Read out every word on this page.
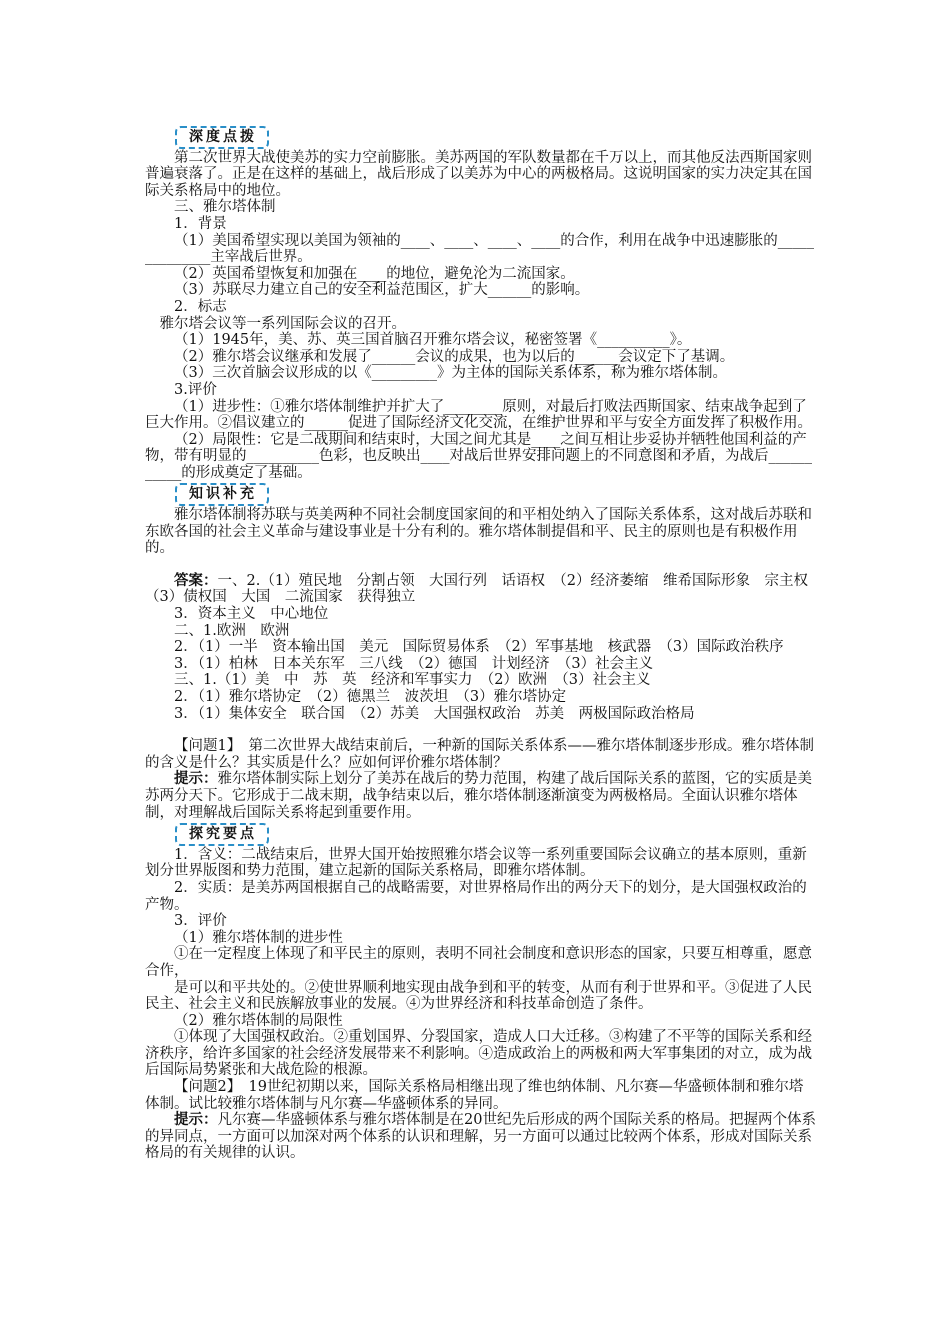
深度点拨

第二次世界大战使美苏的实力空前膨胀。美苏两国的军队数量都在千万以上，而其他反法西斯国家则普遍衰落了。正是在这样的基础上，战后形成了以美苏为中心的两极格局。这说明国家的实力决定其在国际关系格局中的地位。

三、雅尔塔体制

1．背景

（1）美国希望实现以美国为领袖的____、____、____、____的合作，利用在战争中迅速膨胀的______________主宰战后世界。

（2）英国希望恢复和加强在____的地位，避免沦为二流国家。

（3）苏联尽力建立自己的安全利益范围区，扩大______的影响。

2．标志

雅尔塔会议等一系列国际会议的召开。

（1）1945年，美、苏、英三国首脑召开雅尔塔会议，秘密签署《__________》。

（2）雅尔塔会议继承和发展了______会议的成果，也为以后的______会议定下了基调。

（3）三次首脑会议形成的以《_________》为主体的国际关系体系，称为雅尔塔体制。

3.评价

（1）进步性：①雅尔塔体制维护并扩大了________原则，对最后打败法西斯国家、结束战争起到了巨大作用。②倡议建立的______促进了国际经济文化交流，在维护世界和平与安全方面发挥了积极作用。

（2）局限性：它是二战期间和结束时，大国之间尤其是____之间互相让步妥协并牺牲他国利益的产物，带有明显的__________色彩，也反映出____对战后世界安排问题上的不同意图和矛盾，为战后___________的形成奠定了基础。

知识补充

雅尔塔体制将苏联与英美两种不同社会制度国家间的和平相处纳入了国际关系体系，这对战后苏联和东欧各国的社会主义革命与建设事业是十分有利的。雅尔塔体制提倡和平、民主的原则也是有积极作用的。

答案：一、2.（1）殖民地　分割占领　大国行列　话语权　（2）经济萎缩　维希国际形象　宗主权　（3）债权国　大国　二流国家　获得独立

3．资本主义　中心地位

二、1.欧洲　欧洲

2．（1）一半　资本输出国　美元　国际贸易体系　（2）军事基地　核武器　（3）国际政治秩序

3．（1）柏林　日本关东军　三八线　（2）德国　计划经济　（3）社会主义

三、1.（1）美　中　苏　英　经济和军事实力　（2）欧洲　（3）社会主义

2．（1）雅尔塔协定　（2）德黑兰　波茨坦　（3）雅尔塔协定

3．（1）集体安全　联合国　（2）苏美　大国强权政治　苏美　两极国际政治格局

【问题1】　第二次世界大战结束前后，一种新的国际关系体系——雅尔塔体制逐步形成。雅尔塔体制的含义是什么？其实质是什么？应如何评价雅尔塔体制？

提示：雅尔塔体制实际上划分了美苏在战后的势力范围，构建了战后国际关系的蓝图，它的实质是美苏两分天下。它形成于二战末期，战争结束以后，雅尔塔体制逐渐演变为两极格局。全面认识雅尔塔体制，对理解战后国际关系将起到重要作用。

探究要点

1．含义：二战结束后，世界大国开始按照雅尔塔会议等一系列重要国际会议确立的基本原则，重新划分世界版图和势力范围，建立起新的国际关系格局，即雅尔塔体制。

2．实质：是美苏两国根据自己的战略需要，对世界格局作出的两分天下的划分，是大国强权政治的产物。

3．评价

（1）雅尔塔体制的进步性

①在一定程度上体现了和平民主的原则，表明不同社会制度和意识形态的国家，只要互相尊重，愿意合作，

是可以和平共处的。②使世界顺利地实现由战争到和平的转变，从而有利于世界和平。③促进了人民民主、社会主义和民族解放事业的发展。④为世界经济和科技革命创造了条件。

（2）雅尔塔体制的局限性

①体现了大国强权政治。②重划国界、分裂国家，造成人口大迁移。③构建了不平等的国际关系和经济秩序，给许多国家的社会经济发展带来不利影响。④造成政治上的两极和两大军事集团的对立，成为战后国际局势紧张和大战危险的根源。

【问题2】　19世纪初期以来，国际关系格局相继出现了维也纳体制、凡尔赛—华盛顿体制和雅尔塔体制。试比较雅尔塔体制与凡尔赛—华盛顿体系的异同。

提示：凡尔赛—华盛顿体系与雅尔塔体制是在20世纪先后形成的两个国际关系的格局。把握两个体系的异同点，一方面可以加深对两个体系的认识和理解，另一方面可以通过比较两个体系，形成对国际关系格局的有关规律的认识。
